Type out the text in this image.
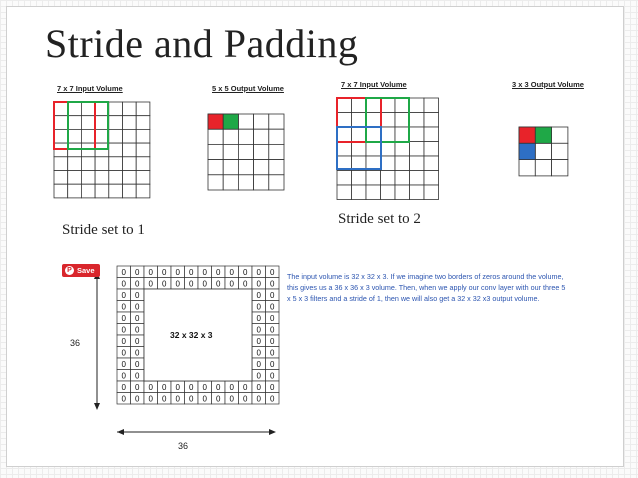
Stride and Padding
7 x 7 Input Volume	5 x 5 Output Volume	7 x 7 Input Volume	3 x 3 Output Volume
Stride set to 1
Stride set to 2
0 0 0 0 0 0 0 0 0 0 0 0
0 0 0 0 0 0 0 0 0 0 0 0
0 0	0 0
0 0	0 0
0 0	0 0
0 0	0 0
0 0	0 0
0 0	0 0
0 0	0 0
0 0	0 0
0 0 0 0 0 0 0 0 0 0 0 0
0 0 0 0 0 0 0 0 0 0 0 0
P Save
32 x 32 x 3
36
36
The input volume is 32 x 32 x 3. If we imagine two borders of zeros around the volume, this gives us a 36 x 36 x 3 volume. Then, when we apply our conv layer with our three 5 x 5 x 3 filters and a stride of 1, then we will also get a 32 x 32 x3 output volume.
